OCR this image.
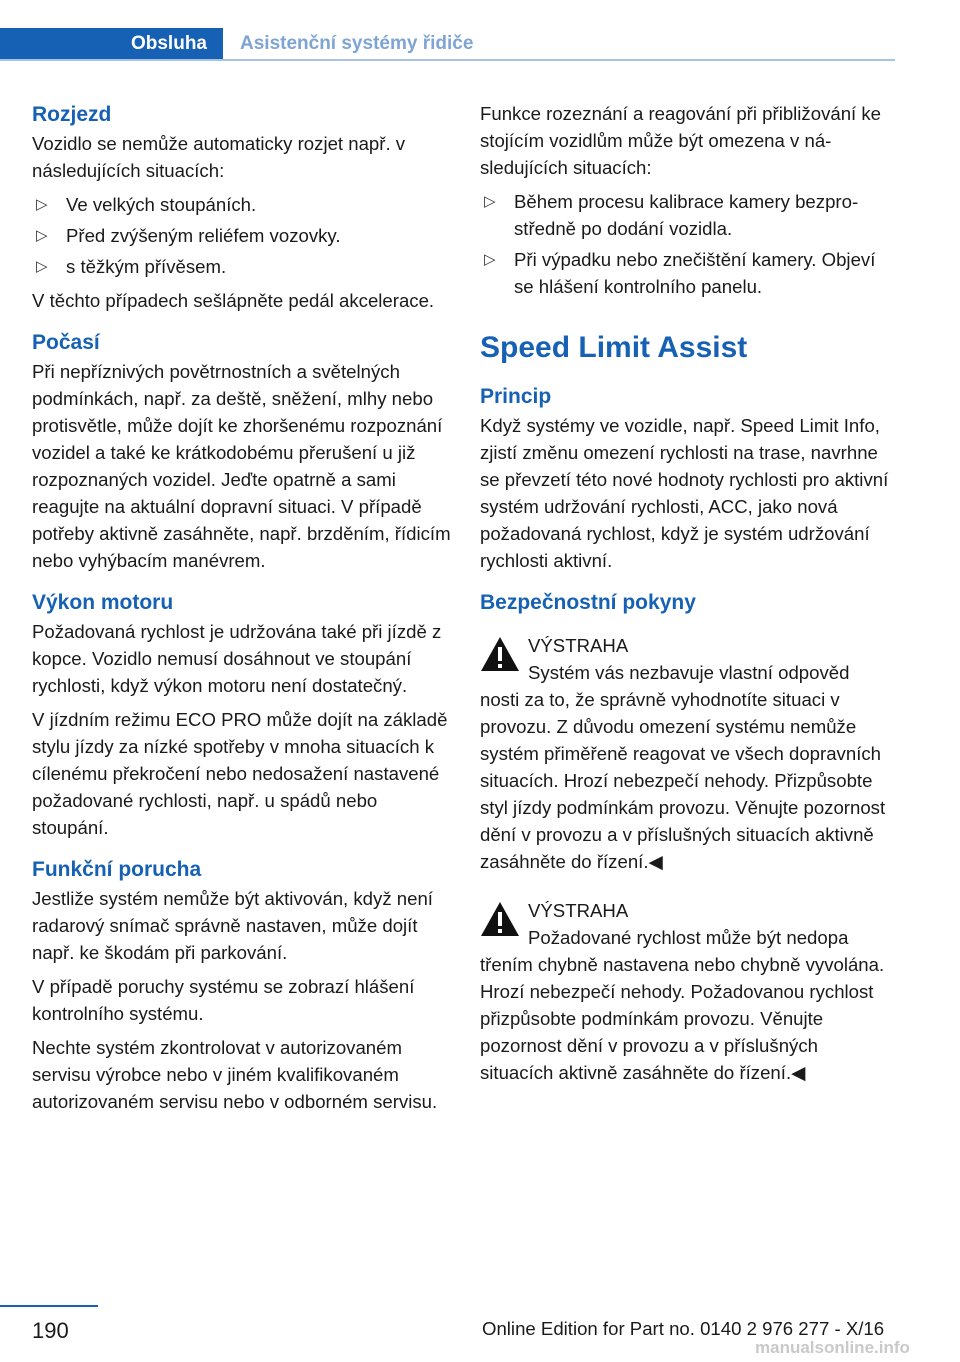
Obsluha Asistenční systémy řidiče
Rozjezd

Vozidlo se nemůže automaticky rozjet např. v následujících situacích:

▷ Ve velkých stoupáních.
▷ Před zvýšeným reliéfem vozovky.
▷ s těžkým přívěsem.

V těchto případech sešlápněte pedál akcelerace.

Počasí

Při nepříznivých povětrnostních a světelných podmínkách, např. za deště, sněžení, mlhy nebo protisvětle, může dojít ke zhoršenému rozpoznání vozidel a také ke krátkodobému přerušení u již rozpoznaných vozidel. Jeďte opatrně a sami reagujte na aktuální dopravní situaci. V případě potřeby aktivně zasáhněte, např. brzděním, řídicím nebo vyhýbacím manévrem.

Výkon motoru

Požadovaná rychlost je udržována také při jízdě z kopce. Vozidlo nemusí dosáhnout ve stoupání rychlosti, když výkon motoru není dostatečný.

V jízdním režimu ECO PRO může dojít na základě stylu jízdy za nízké spotřeby v mnoha situacích k cílenému překročení nebo nedosažení nastavené požadované rychlosti, např. u spádů nebo stoupání.

Funkční porucha

Jestliže systém nemůže být aktivován, když není radarový snímač správně nastaven, může dojít např. ke škodám při parkování.

V případě poruchy systému se zobrazí hlášení kontrolního systému.

Nechte systém zkontrolovat v autorizovaném servisu výrobce nebo v jiném kvalifikovaném autorizovaném servisu nebo v odborném servisu.

Funkce rozeznání a reagování při přibližování ke stojícím vozidlům může být omezena v následujících situacích:

▷ Během procesu kalibrace kamery bezprostředně po dodání vozidla.
▷ Při výpadku nebo znečištění kamery. Objeví se hlášení kontrolního panelu.
Speed Limit Assist
Princip

Když systémy ve vozidle, např. Speed Limit Info, zjistí změnu omezení rychlosti na trase, navrhne se převzetí této nové hodnoty rychlosti pro aktivní systém udržování rychlosti, ACC, jako nová požadovaná rychlost, když je systém udržování rychlosti aktivní.

Bezpečnostní pokyny
VÝSTRAHA
Systém vás nezbavuje vlastní odpověd
nosti za to, že správně vyhodnotíte situaci v provozu. Z důvodu omezení systému nemůže systém přiměřeně reagovat ve všech dopravních situacích. Hrozí nebezpečí nehody. Přizpůsobte styl jízdy podmínkám provozu. Věnujte pozornost dění v provozu a v příslušných situacích aktivně zasáhněte do řízení.◀
VÝSTRAHA
Požadované rychlost může být nedopa
třením chybně nastavena nebo chybně vyvolána. Hrozí nebezpečí nehody. Požadovanou rychlost přizpůsobte podmínkám provozu. Věnujte pozornost dění v provozu a v příslušných situacích aktivně zasáhněte do řízení.◀
190	Online Edition for Part no. 0140 2 976 277 - X/16
manualsonline.info
